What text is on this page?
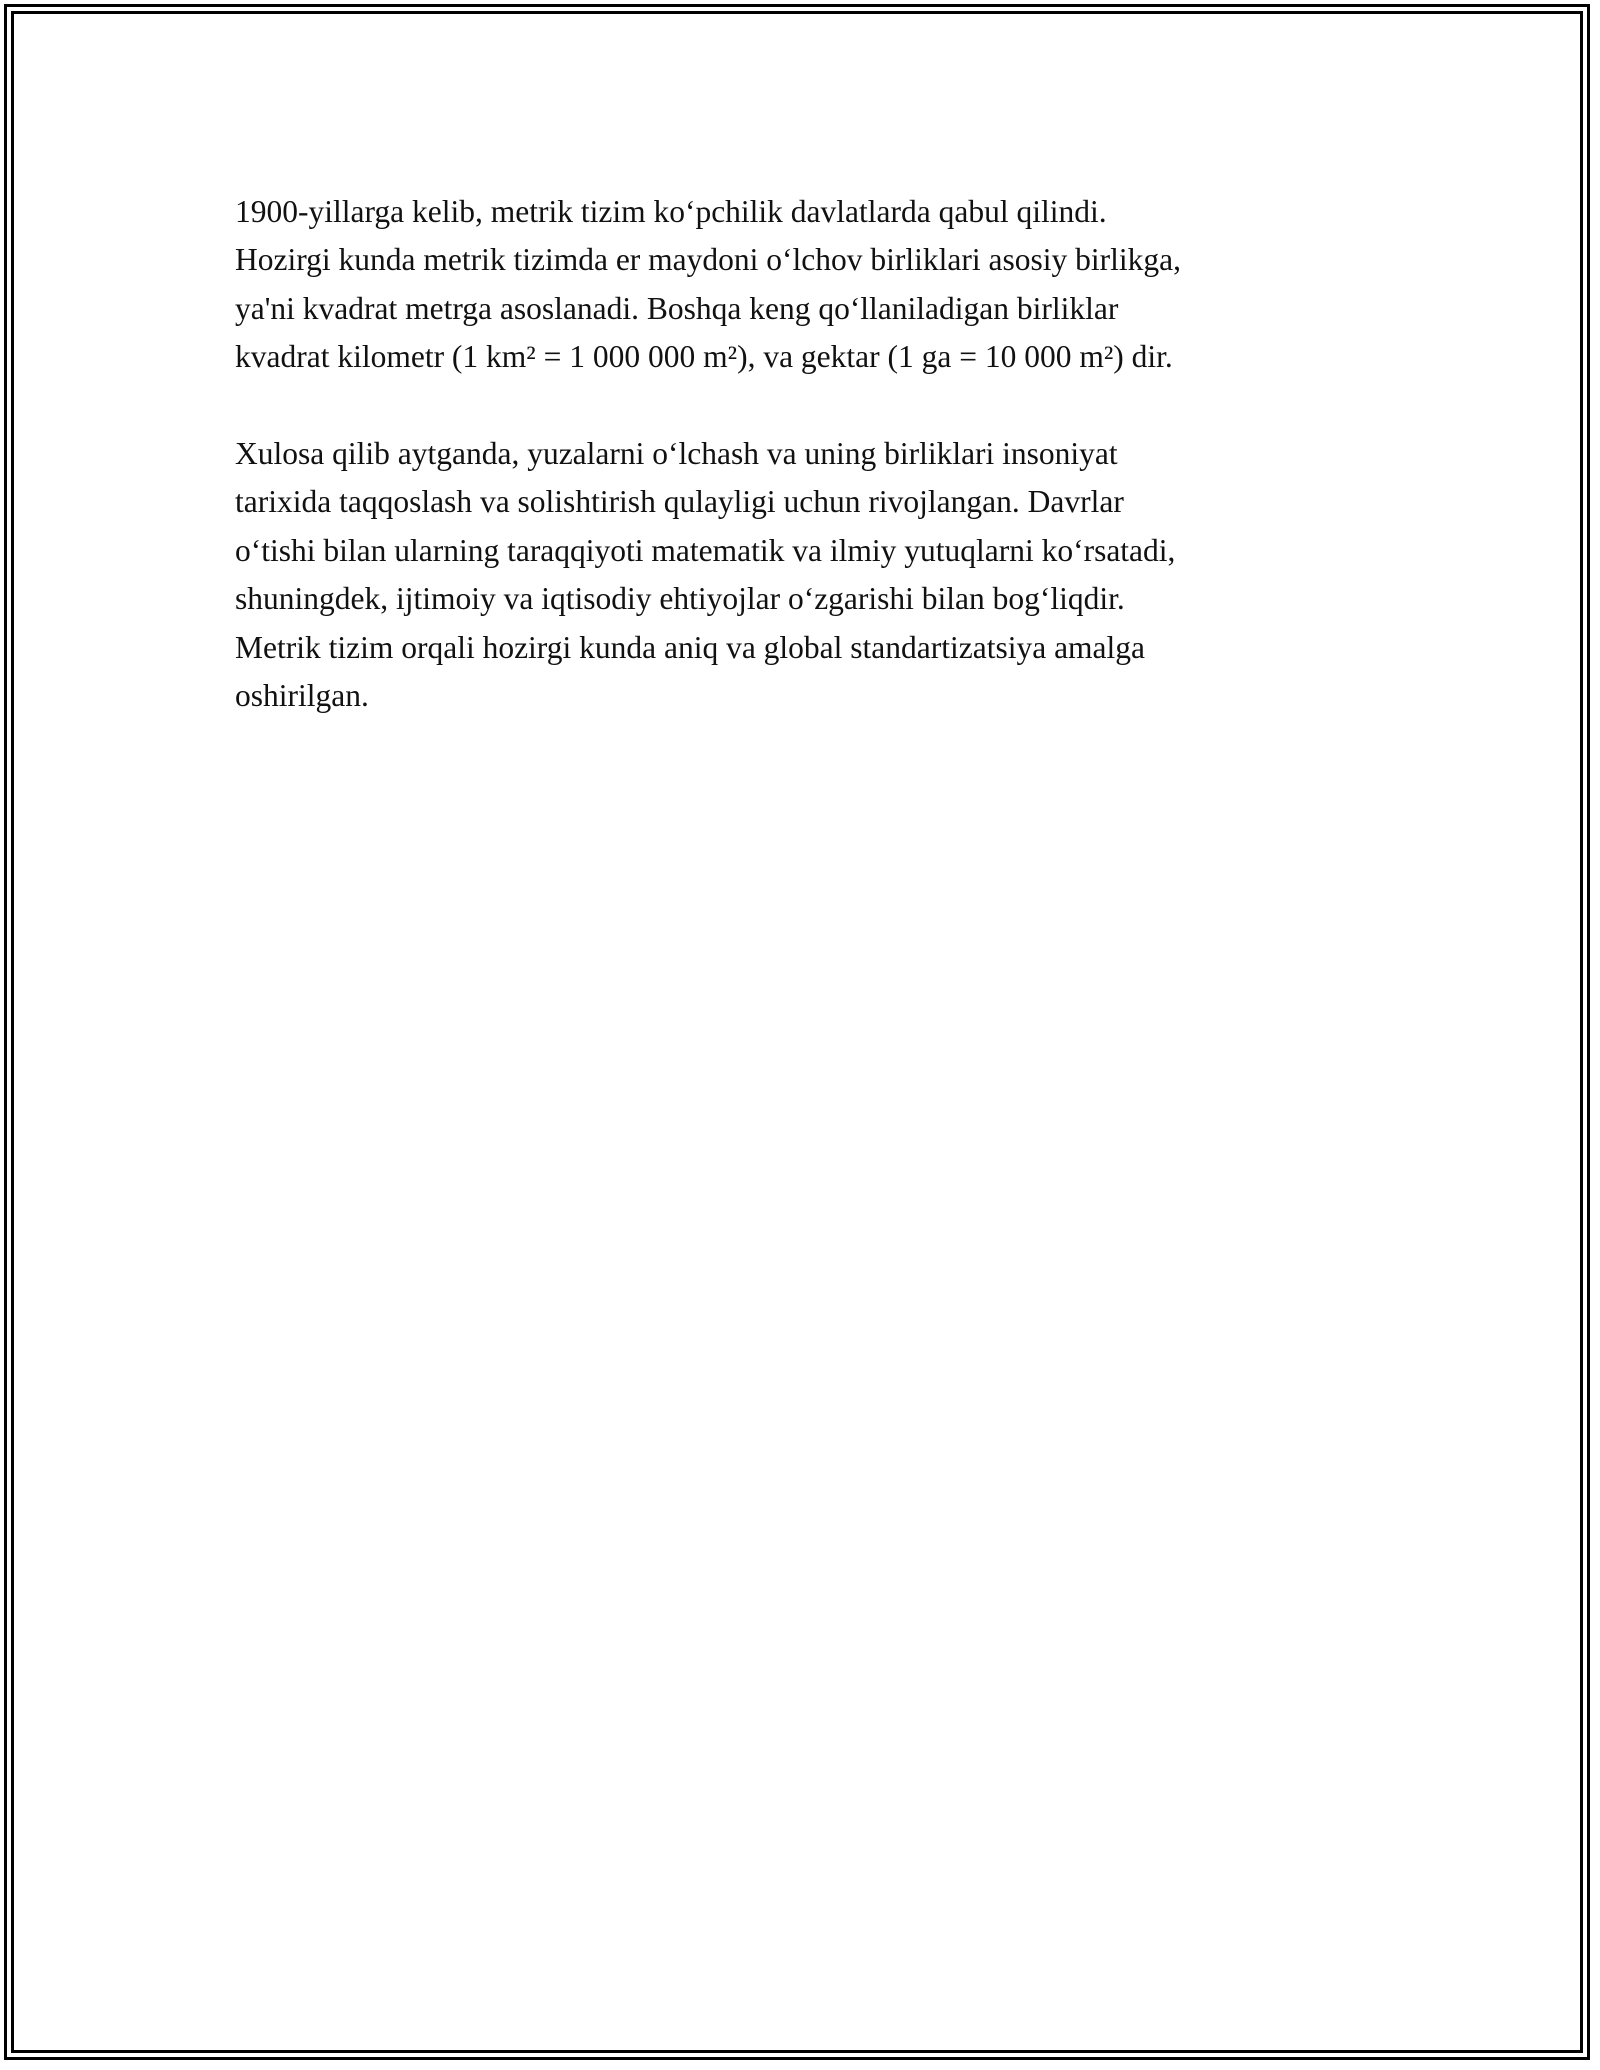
1900-yillarga kelib, metrik tizim koʻpchilik davlatlarda qabul qilindi.
Hozirgi kunda metrik tizimda er maydoni oʻlchov birliklari asosiy birlikga,
ya'ni kvadrat metrga asoslanadi. Boshqa keng qoʻllaniladigan birliklar
kvadrat kilometr (1 km² = 1 000 000 m²), va gektar (1 ga = 10 000 m²) dir.

Xulosa qilib aytganda, yuzalarni oʻlchash va uning birliklari insoniyat
tarixida taqqoslash va solishtirish qulayligi uchun rivojlangan. Davrlar
oʻtishi bilan ularning taraqqiyoti matematik va ilmiy yutuqlarni koʻrsatadi,
shuningdek, ijtimoiy va iqtisodiy ehtiyojlar oʻzgarishi bilan bogʻliqdir.
Metrik tizim orqali hozirgi kunda aniq va global standartizatsiya amalga
oshirilgan.
